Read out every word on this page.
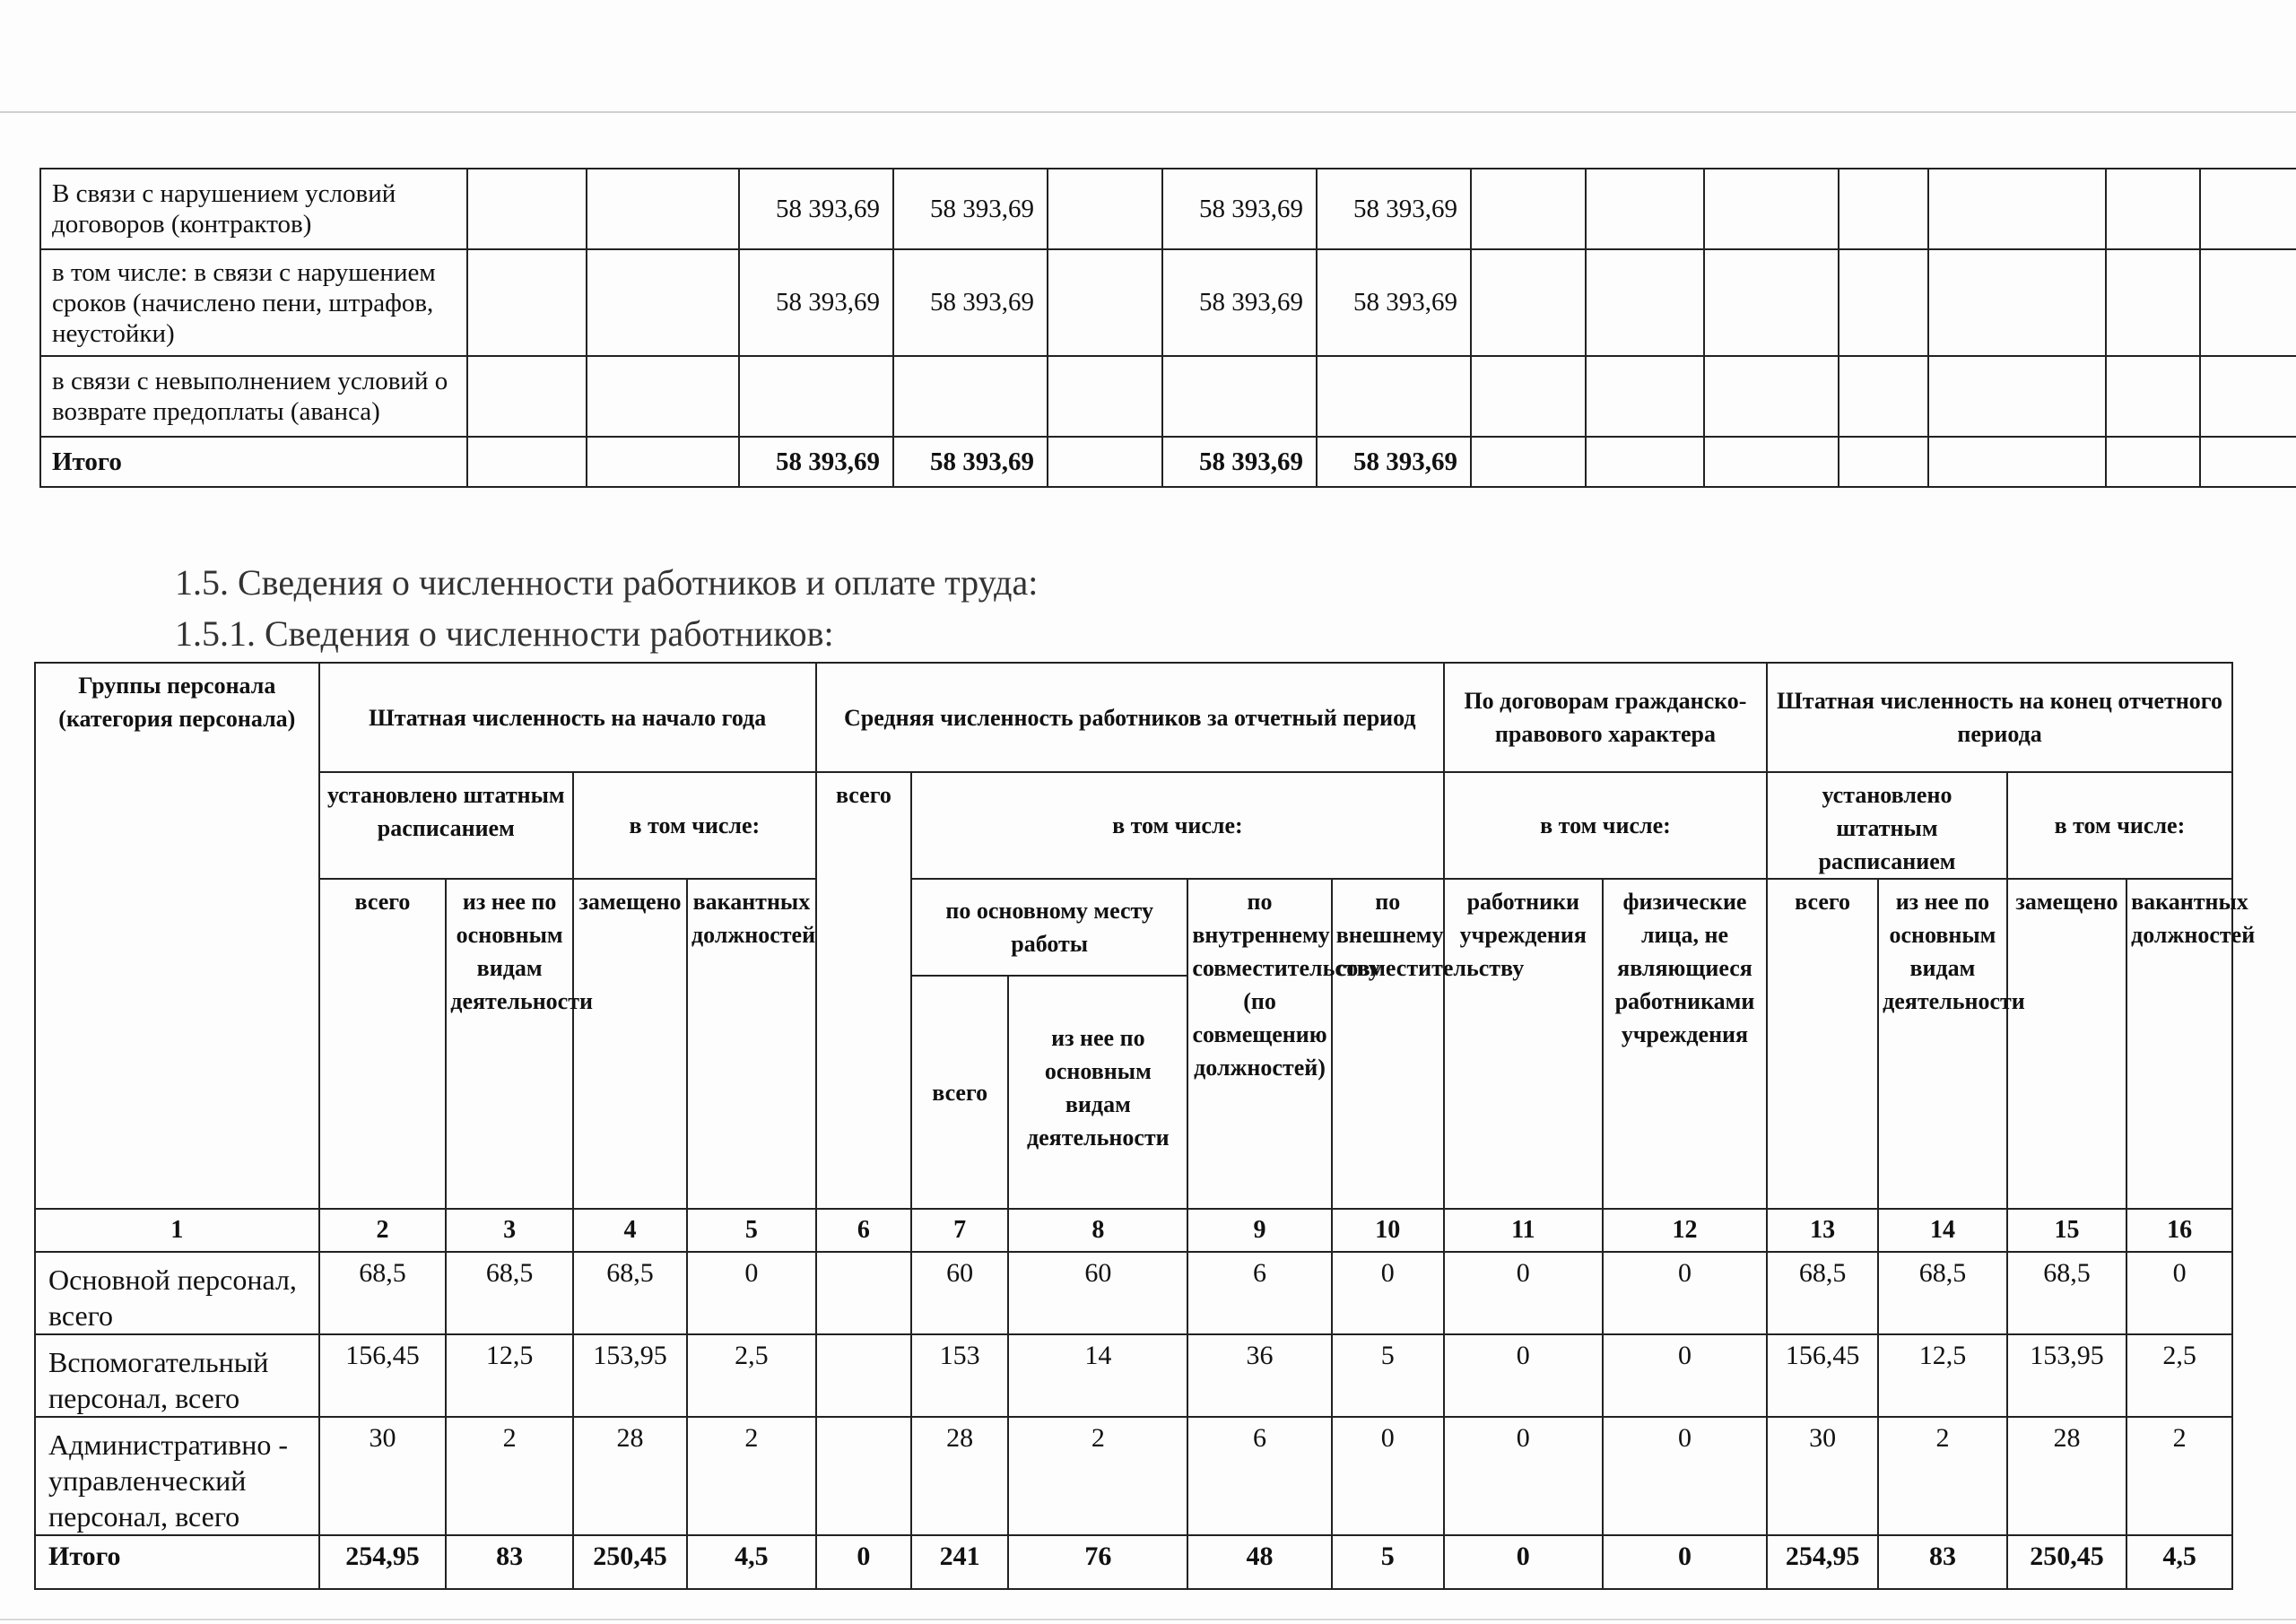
В связи с нарушением условий договоров (контрактов)			58 393,69	58 393,69		58 393,69	58 393,69							
в том числе: в связи с нарушением сроков (начислено пени, штрафов, неустойки)			58 393,69	58 393,69		58 393,69	58 393,69							
в связи с невыполнением условий о возврате предоплаты (аванса)														
Итого			58 393,69	58 393,69		58 393,69	58 393,69							
1.5. Сведения о численности работников и оплате труда:
1.5.1. Сведения о численности работников:
Группы персонала (категория персонала)	Штатная численность на начало года				Средняя численность работников за отчетный период					По договорам гражданско-правового характера		Штатная численность на конец отчетного периода			
	установлено штатным расписанием		в том числе:		всего	в том числе:				в том числе:		установлено штатным расписанием		в том числе:	
	всего	из нее по основным видам деятельности	замещено	вакантных должностей		по основному месту работы		по внутреннему совместительству (по совмещению должностей)	по внешнему совместительству	работники учреждения	физические лица, не являющиеся работниками учреждения	всего	из нее по основным видам деятельности	замещено	вакантных должностей
						всего	из нее по основным видам деятельности								
1	2	3	4	5	6	7	8	9	10	11	12	13	14	15	16
Основной персонал, всего	68,5	68,5	68,5	0		60	60	6	0	0	0	68,5	68,5	68,5	0
Вспомогательный персонал, всего	156,45	12,5	153,95	2,5		153	14	36	5	0	0	156,45	12,5	153,95	2,5
Административно - управленческий персонал, всего	30	2	28	2		28	2	6	0	0	0	30	2	28	2
Итого	254,95	83	250,45	4,5	0	241	76	48	5	0	0	254,95	83	250,45	4,5
